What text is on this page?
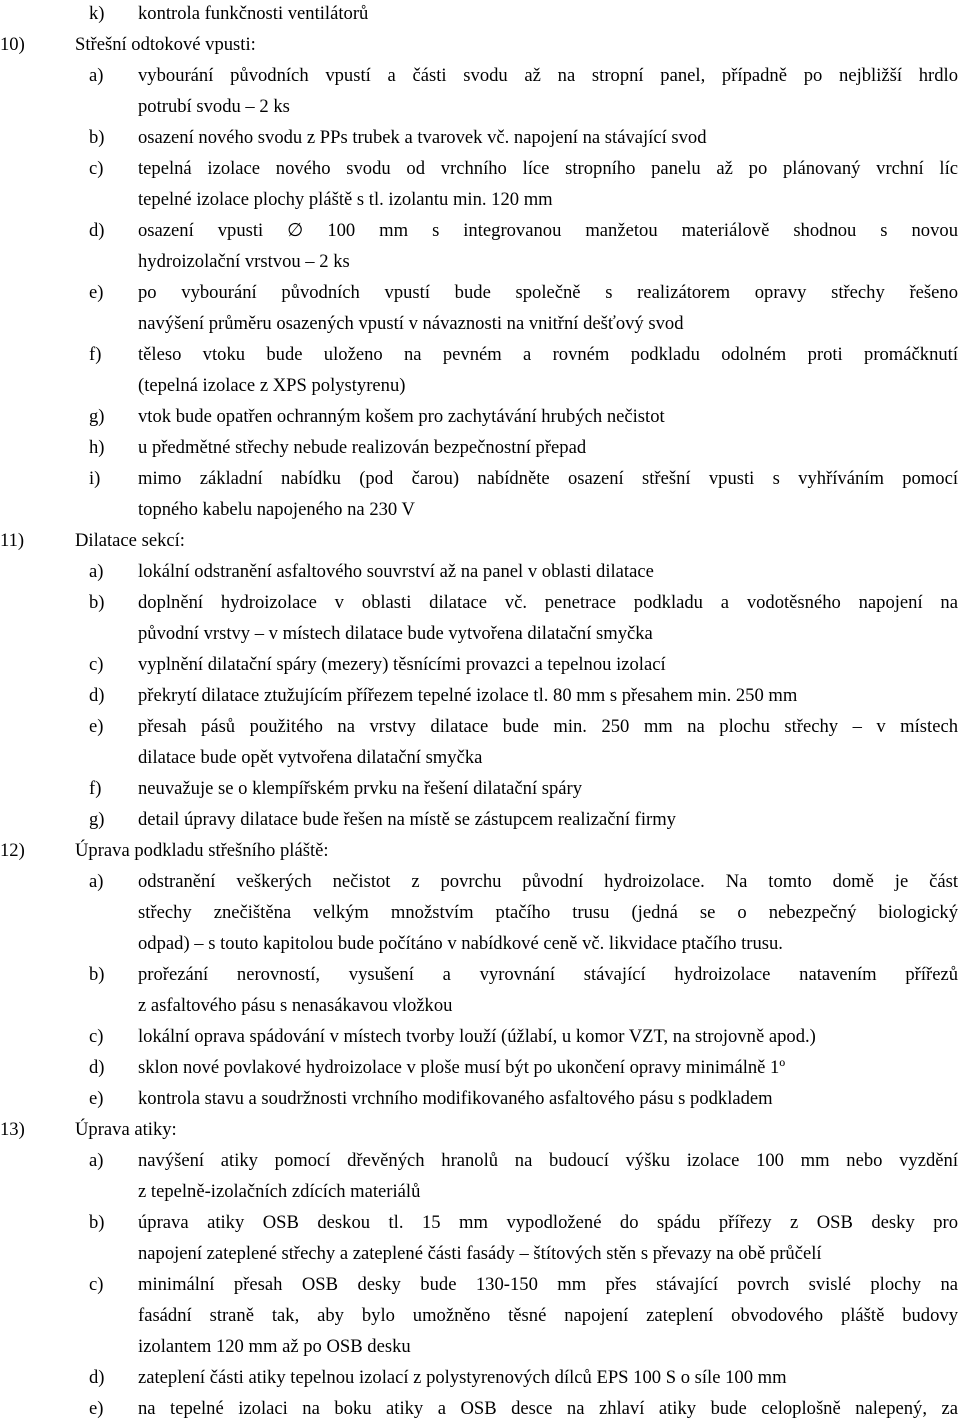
k) kontrola funkčnosti ventilátorů
10)	Střešní odtokové vpusti:
a) vybourání původních vpustí a části svodu až na stropní panel, případně po nejbližší hrdlo
potrubí svodu – 2 ks
b) osazení nového svodu z PPs trubek a tvarovek vč. napojení na stávající svod
c) tepelná izolace nového svodu od vrchního líce stropního panelu až po plánovaný vrchní líc
tepelné izolace plochy pláště s tl. izolantu min. 120 mm
d) osazení vpusti ∅ 100 mm s integrovanou manžetou materiálově shodnou s novou
hydroizolační vrstvou – 2 ks
e) po vybourání původních vpustí bude společně s realizátorem opravy střechy řešeno
navýšení průměru osazených vpustí v návaznosti na vnitřní dešťový svod
f) těleso vtoku bude uloženo na pevném a rovném podkladu odolném proti promáčknutí
(tepelná izolace z XPS polystyrenu)
g) vtok bude opatřen ochranným košem pro zachytávání hrubých nečistot
h) u předmětné střechy nebude realizován bezpečnostní přepad
i) mimo základní nabídku (pod čarou) nabídněte osazení střešní vpusti s vyhříváním pomocí
topného kabelu napojeného na 230 V
11)	Dilatace sekcí:
a) lokální odstranění asfaltového souvrství až na panel v oblasti dilatace
b) doplnění hydroizolace v oblasti dilatace vč. penetrace podkladu a vodotěsného napojení na
původní vrstvy – v místech dilatace bude vytvořena dilatační smyčka
c) vyplnění dilatační spáry (mezery) těsnícími provazci a tepelnou izolací
d) překrytí dilatace ztužujícím přířezem tepelné izolace tl. 80 mm s přesahem min. 250 mm
e) přesah pásů použitého na vrstvy dilatace bude min. 250 mm na plochu střechy – v místech
dilatace bude opět vytvořena dilatační smyčka
f) neuvažuje se o klempířském prvku na řešení dilatační spáry
g) detail úpravy dilatace bude řešen na místě se zástupcem realizační firmy
12)	Úprava podkladu střešního pláště:
a) odstranění veškerých nečistot z povrchu původní hydroizolace. Na tomto domě je část
střechy znečištěna velkým množstvím ptačího trusu (jedná se o nebezpečný biologický
odpad) – s touto kapitolou bude počítáno v nabídkové ceně vč. likvidace ptačího trusu.
b) prořezání nerovností, vysušení a vyrovnání stávající hydroizolace natavením přířezů
z asfaltového pásu s nenasákavou vložkou
c) lokální oprava spádování v místech tvorby louží (úžlabí, u komor VZT, na strojovně apod.)
d) sklon nové povlakové hydroizolace v ploše musí být po ukončení opravy minimálně 1º
e) kontrola stavu a soudržnosti vrchního modifikovaného asfaltového pásu s podkladem
13)	Úprava atiky:
a) navýšení atiky pomocí dřevěných hranolů na budoucí výšku izolace 100 mm nebo vyzdění
z tepelně-izolačních zdících materiálů
b) úprava atiky OSB deskou tl. 15 mm vypodložené do spádu přířezy z OSB desky pro
napojení zateplené střechy a zateplené části fasády – štítových stěn s převazy na obě průčelí
c) minimální přesah OSB desky bude 130-150 mm přes stávající povrch svislé plochy na
fasádní straně tak, aby bylo umožněno těsné napojení zateplení obvodového pláště budovy
izolantem 120 mm až po OSB desku
d) zateplení části atiky tepelnou izolací z polystyrenových dílců EPS 100 S o síle 100 mm
e) na tepelné izolaci na boku atiky a OSB desce na zhlaví atiky bude celoplošně nalepený, za
